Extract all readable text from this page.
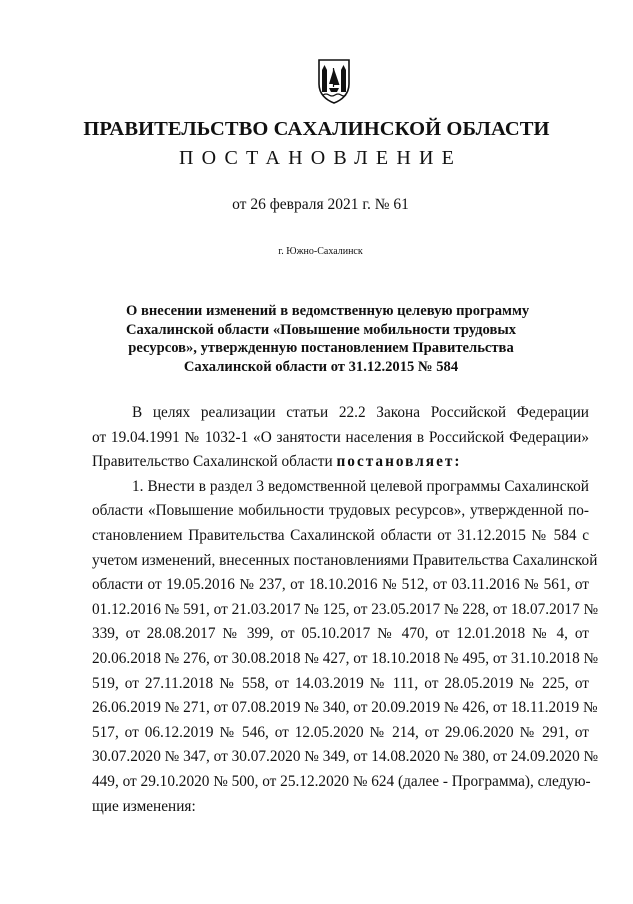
ПРАВИТЕЛЬСТВО САХАЛИНСКОЙ ОБЛАСТИ
ПОСТАНОВЛЕНИЕ
от 26 февраля 2021 г. № 61
г. Южно-Сахалинск
О внесении изменений в ведомственную целевую программу
Сахалинской области «Повышение мобильности трудовых
ресурсов», утвержденную постановлением Правительства
Сахалинской области от 31.12.2015 № 584
В целях реализации статьи 22.2 Закона Российской Федерации
от 19.04.1991 № 1032-1 «О занятости населения в Российской Федерации»
Правительство Сахалинской области постановляет:
1. Внести в раздел 3 ведомственной целевой программы Сахалинской
области «Повышение мобильности трудовых ресурсов», утвержденной по-
становлением Правительства Сахалинской области от 31.12.2015 № 584 с
учетом изменений, внесенных постановлениями Правительства Сахалинской
области от 19.05.2016 № 237, от 18.10.2016 № 512, от 03.11.2016 № 561, от
01.12.2016 № 591, от 21.03.2017 № 125, от 23.05.2017 № 228, от 18.07.2017 №
339, от 28.08.2017 № 399, от 05.10.2017 № 470, от 12.01.2018 № 4, от
20.06.2018 № 276, от 30.08.2018 № 427, от 18.10.2018 № 495, от 31.10.2018 №
519, от 27.11.2018 № 558, от 14.03.2019 № 111, от 28.05.2019 № 225, от
26.06.2019 № 271, от 07.08.2019 № 340, от 20.09.2019 № 426, от 18.11.2019 №
517, от 06.12.2019 № 546, от 12.05.2020 № 214, от 29.06.2020 № 291, от
30.07.2020 № 347, от 30.07.2020 № 349, от 14.08.2020 № 380, от 24.09.2020 №
449, от 29.10.2020 № 500, от 25.12.2020 № 624 (далее - Программа), следую-
щие изменения:
